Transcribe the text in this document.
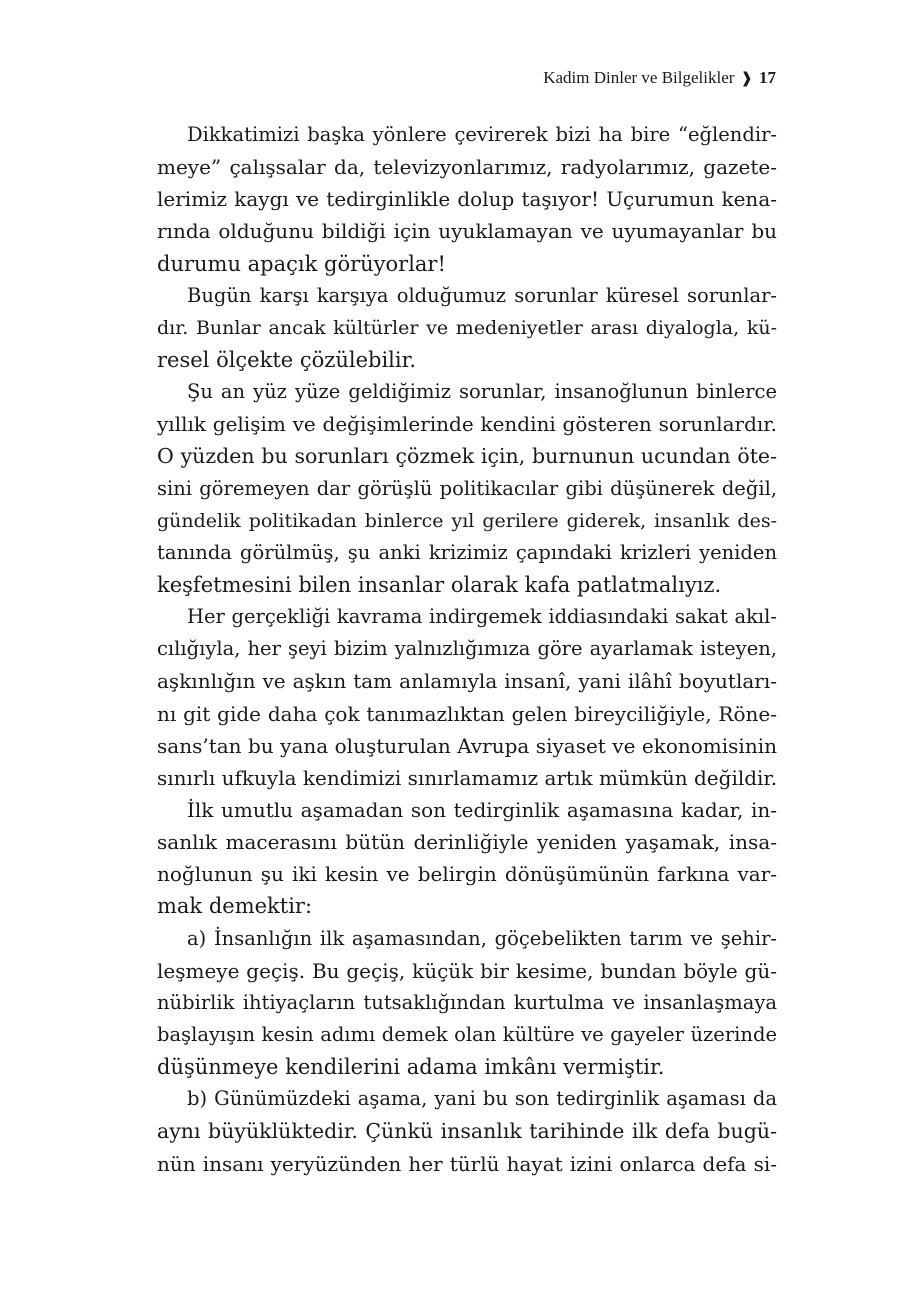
Kadim Dinler ve Bilgelikler ❱ 17
Dikkatimizi başka yönlere çevirerek bizi ha bire “eğlendir-
meye” çalışsalar da, televizyonlarımız, radyolarımız, gazete-
lerimiz kaygı ve tedirginlikle dolup taşıyor! Uçurumun kena-
rında olduğunu bildiği için uyuklamayan ve uyumayanlar bu
durumu apaçık görüyorlar!
Bugün karşı karşıya olduğumuz sorunlar küresel sorunlar-
dır. Bunlar ancak kültürler ve medeniyetler arası diyalogla, kü-
resel ölçekte çözülebilir.
Şu an yüz yüze geldiğimiz sorunlar, insanoğlunun binlerce
yıllık gelişim ve değişimlerinde kendini gösteren sorunlardır.
O yüzden bu sorunları çözmek için, burnunun ucundan öte-
sini göremeyen dar görüşlü politikacılar gibi düşünerek değil,
gündelik politikadan binlerce yıl gerilere giderek, insanlık des-
tanında görülmüş, şu anki krizimiz çapındaki krizleri yeniden
keşfetmesini bilen insanlar olarak kafa patlatmalıyız.
Her gerçekliği kavrama indirgemek iddiasındaki sakat akıl-
cılığıyla, her şeyi bizim yalnızlığımıza göre ayarlamak isteyen,
aşkınlığın ve aşkın tam anlamıyla insanî, yani ilâhî boyutları-
nı git gide daha çok tanımazlıktan gelen bireyciliğiyle, Röne-
sans’tan bu yana oluşturulan Avrupa siyaset ve ekonomisinin
sınırlı ufkuyla kendimizi sınırlamamız artık mümkün değildir.
İlk umutlu aşamadan son tedirginlik aşamasına kadar, in-
sanlık macerasını bütün derinliğiyle yeniden yaşamak, insa-
noğlunun şu iki kesin ve belirgin dönüşümünün farkına var-
mak demektir:
a) İnsanlığın ilk aşamasından, göçebelikten tarım ve şehir-
leşmeye geçiş. Bu geçiş, küçük bir kesime, bundan böyle gü-
nübirlik ihtiyaçların tutsaklığından kurtulma ve insanlaşmaya
başlayışın kesin adımı demek olan kültüre ve gayeler üzerinde
düşünmeye kendilerini adama imkânı vermiştir.
b) Günümüzdeki aşama, yani bu son tedirginlik aşaması da
aynı büyüklüktedir. Çünkü insanlık tarihinde ilk defa bugü-
nün insanı yeryüzünden her türlü hayat izini onlarca defa si-
